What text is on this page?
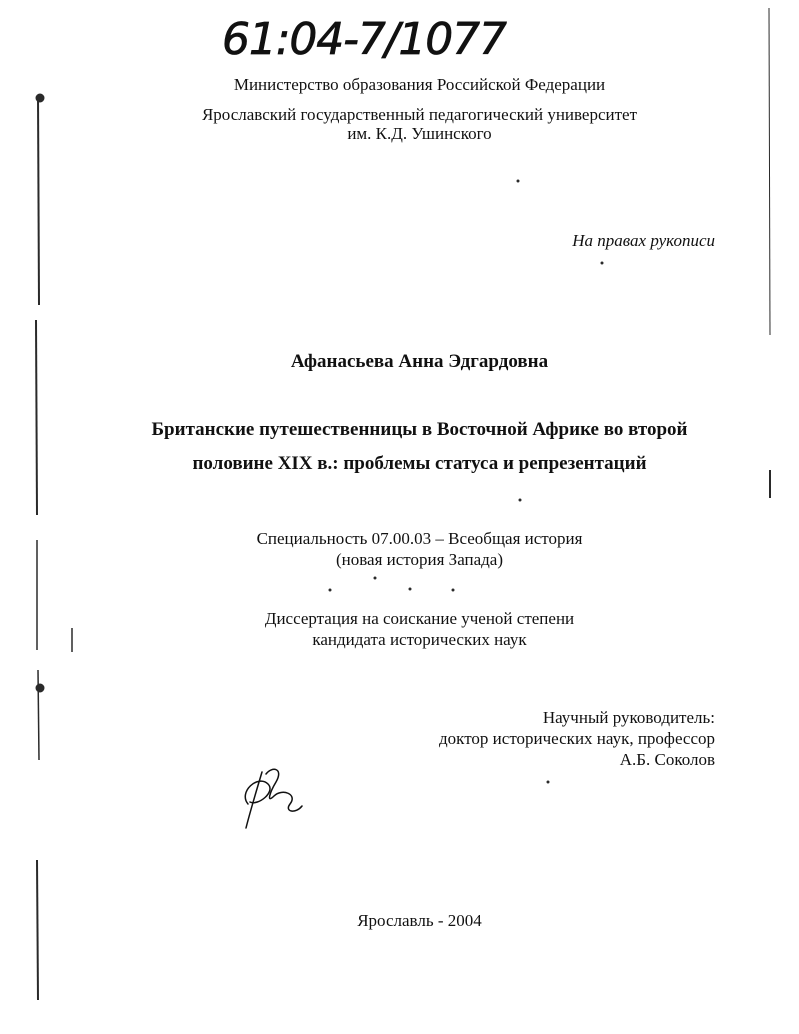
61:04-7/1077
Министерство образования Российской Федерации
Ярославский государственный педагогический университет
им. К.Д. Ушинского
На правах рукописи
Афанасьева Анна Эдгардовна
Британские путешественницы в Восточной Африке во второй
половине XIX в.: проблемы статуса и репрезентаций
Специальность 07.00.03 – Всеобщая история
(новая история Запада)
Диссертация на соискание ученой степени
кандидата исторических наук
Научный руководитель:
доктор исторических наук, профессор
А.Б. Соколов
Ярославль - 2004
